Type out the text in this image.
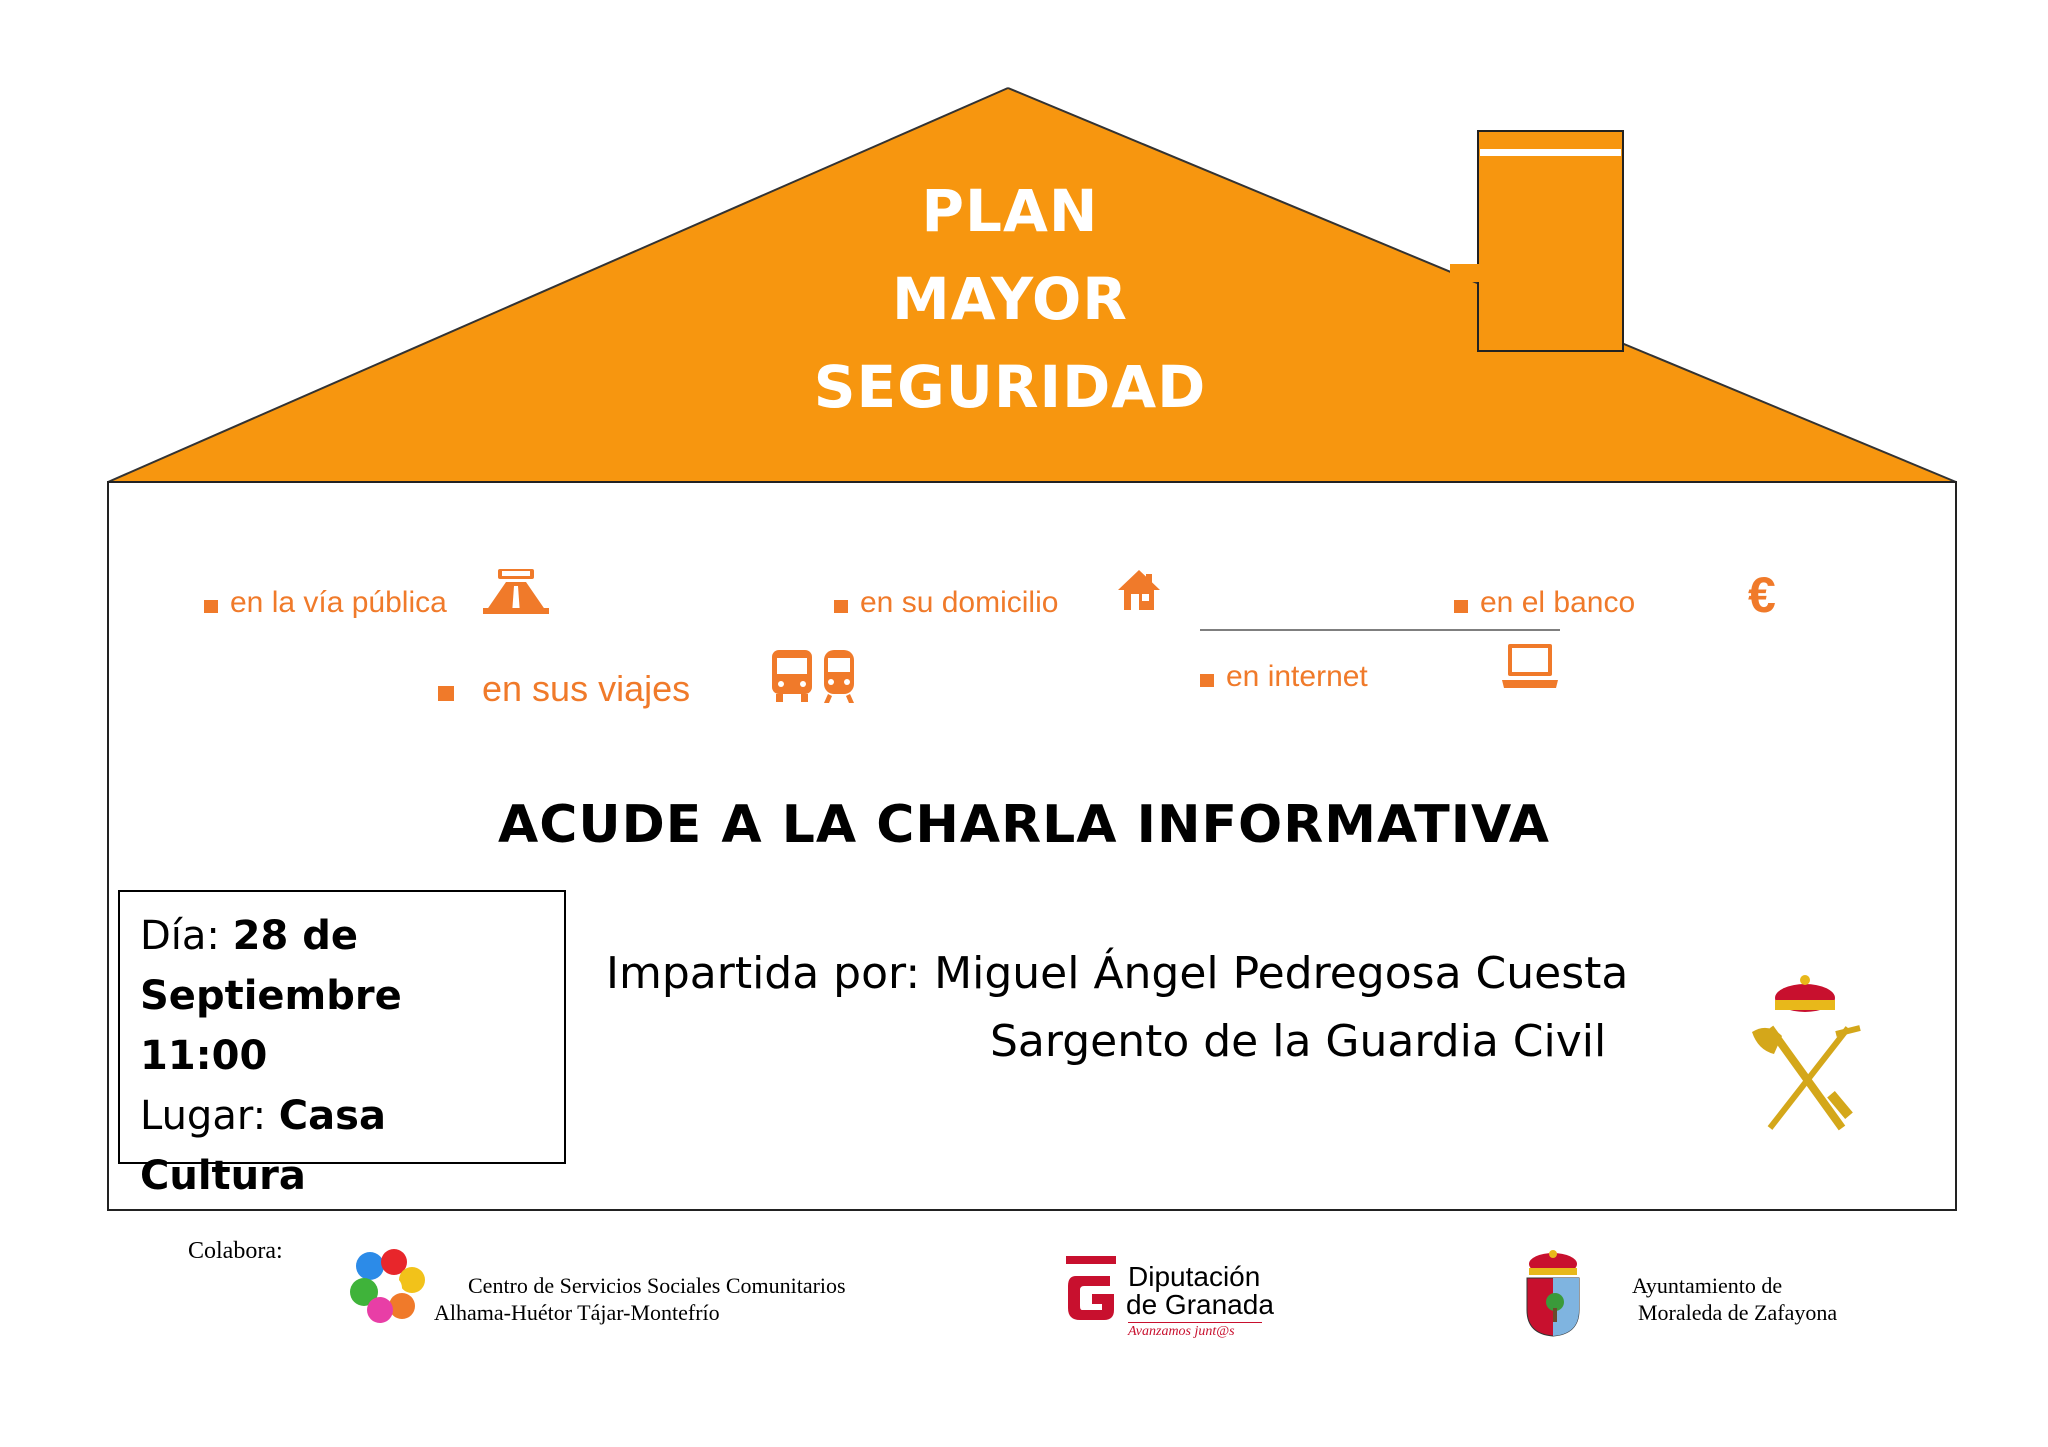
PLAN
MAYOR
SEGURIDAD
en la vía pública	en su domicilio	en el banco €
en sus viajes	en internet
ACUDE A LA CHARLA INFORMATIVA
Día: 28 de
Septiembre
11:00
Lugar: Casa Cultura
Impartida por: Miguel Ángel Pedregosa Cuesta
Sargento de la Guardia Civil
Colabora:
Centro de Servicios Sociales Comunitarios
Alhama-Huétor Tájar-Montefrío
Diputación
de Granada
Avanzamos junt@s
Ayuntamiento de
Moraleda de Zafayona
